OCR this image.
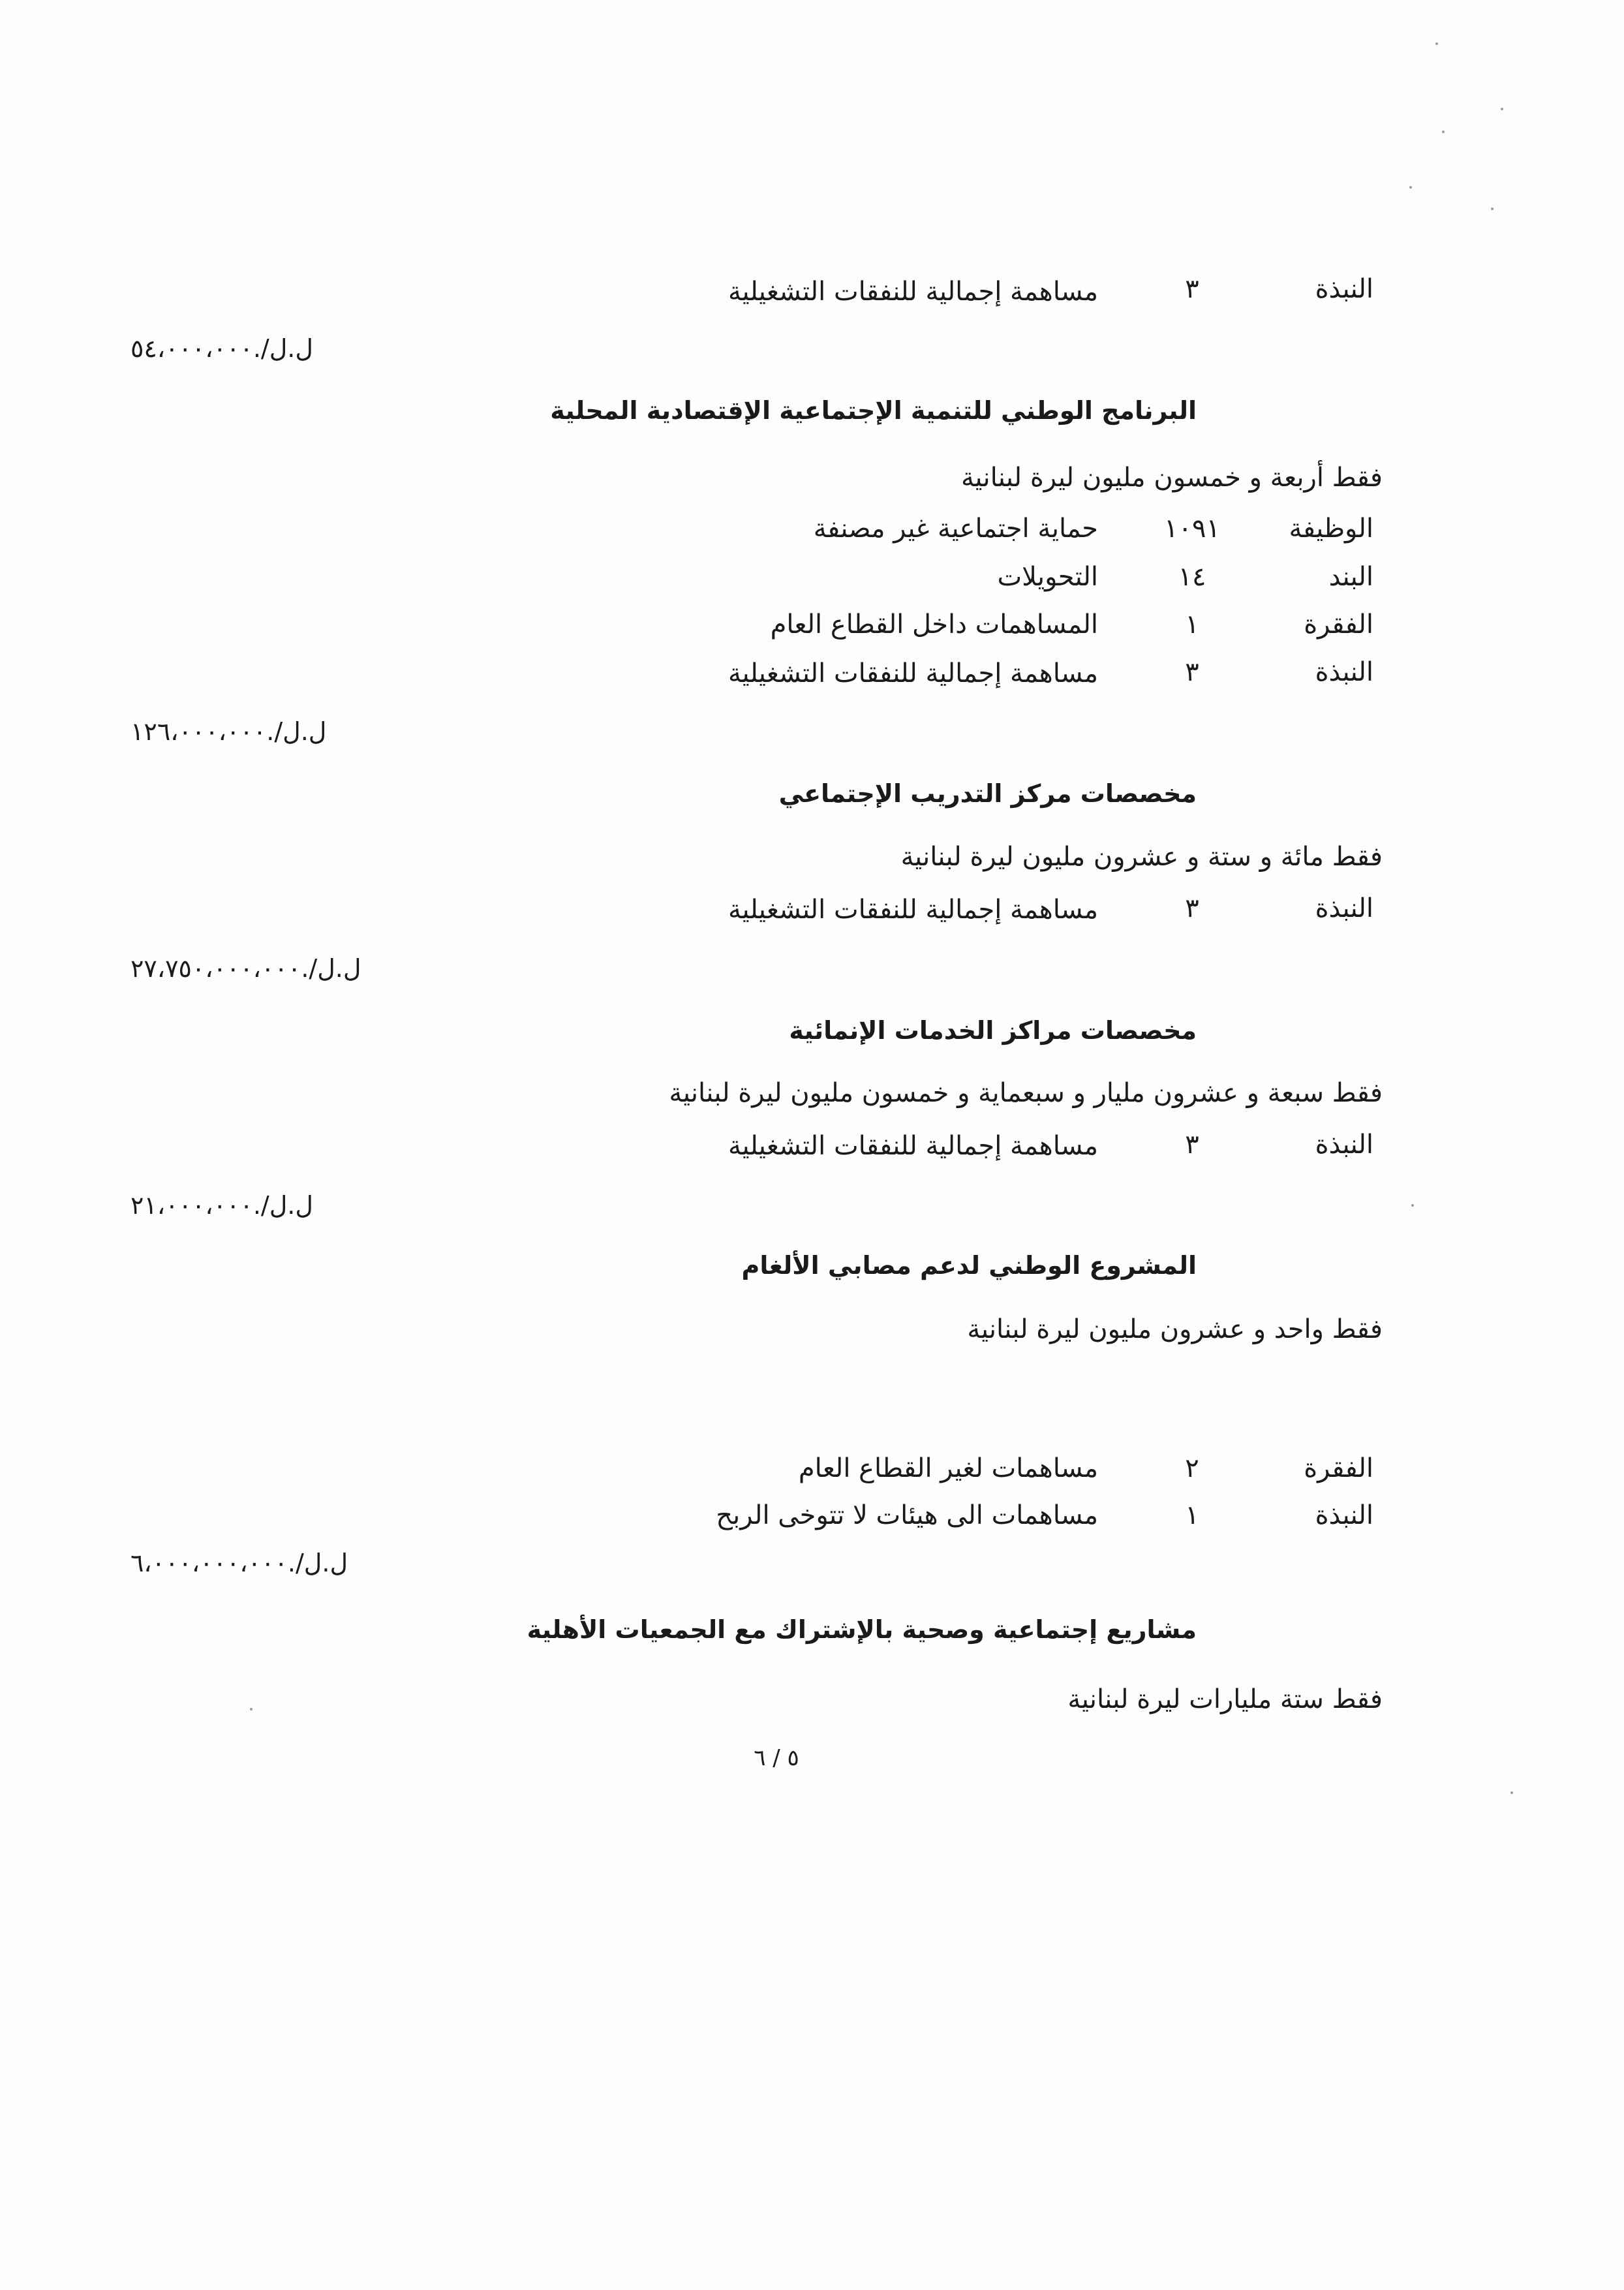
النبذة
٣
مساهمة إجمالية للنفقات التشغيلية
ل.ل/.٥٤،٠٠٠،٠٠٠
البرنامج الوطني للتنمية الإجتماعية الإقتصادية المحلية
فقط أربعة و خمسون مليون ليرة لبنانية
الوظيفة
١٠٩١
حماية اجتماعية غير مصنفة
البند
١٤
التحويلات
الفقرة
١
المساهمات داخل القطاع العام
النبذة
٣
مساهمة إجمالية للنفقات التشغيلية
ل.ل/.١٢٦،٠٠٠،٠٠٠
مخصصات مركز التدريب الإجتماعي
فقط مائة و ستة و عشرون مليون ليرة لبنانية
النبذة
٣
مساهمة إجمالية للنفقات التشغيلية
ل.ل/.٢٧،٧٥٠،٠٠٠،٠٠٠
مخصصات مراكز الخدمات الإنمائية
فقط سبعة و عشرون مليار و سبعماية و خمسون مليون ليرة لبنانية
النبذة
٣
مساهمة إجمالية للنفقات التشغيلية
ل.ل/.٢١،٠٠٠،٠٠٠
المشروع الوطني لدعم مصابي الألغام
فقط واحد و عشرون مليون ليرة لبنانية
الفقرة
٢
مساهمات لغير القطاع العام
النبذة
١
مساهمات الى هيئات لا تتوخى الربح
ل.ل/.٦،٠٠٠،٠٠٠،٠٠٠
مشاريع إجتماعية وصحية بالإشتراك مع الجمعيات الأهلية
فقط ستة مليارات ليرة لبنانية
٥ / ٦
